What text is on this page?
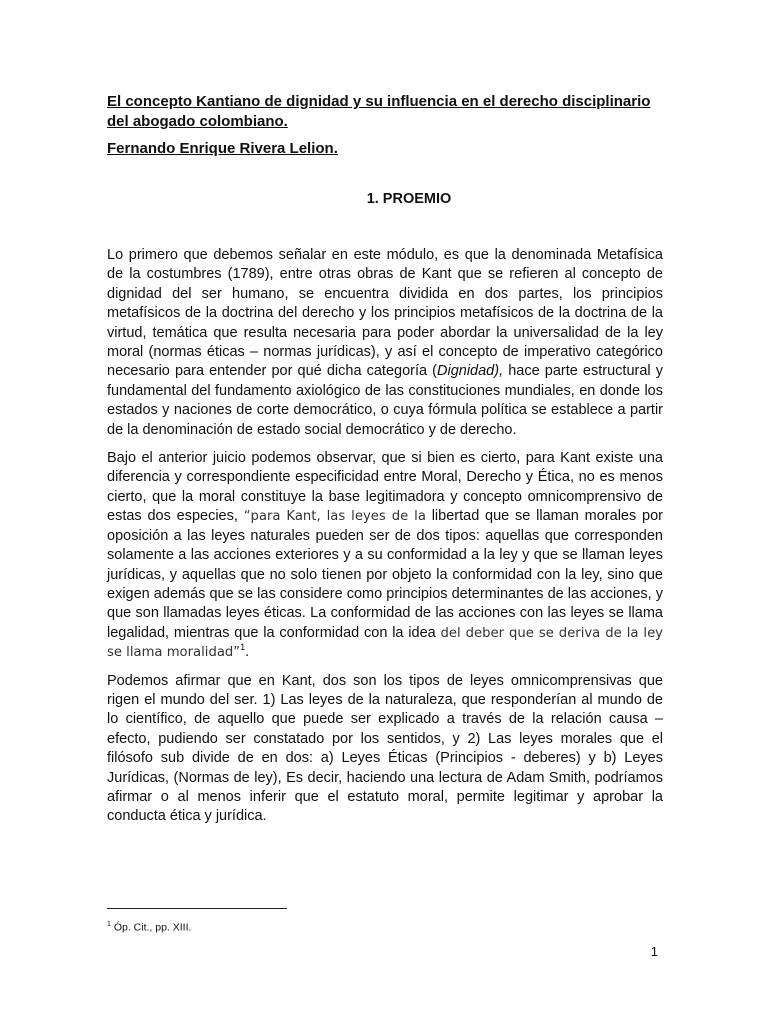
El concepto Kantiano de dignidad y su influencia en el derecho disciplinario del abogado colombiano.

Fernando Enrique Rivera Lelion.

1. PROEMIO

Lo primero que debemos señalar en este módulo, es que la denominada Metafísica de la costumbres (1789), entre otras obras de Kant que se refieren al concepto de dignidad del ser humano, se encuentra dividida en dos partes, los principios metafísicos de la doctrina del derecho y los principios metafísicos de la doctrina de la virtud, temática que resulta necesaria para poder abordar la universalidad de la ley moral (normas éticas – normas jurídicas), y así el concepto de imperativo categórico necesario para entender por qué dicha categoría (Dignidad), hace parte estructural y fundamental del fundamento axiológico de las constituciones mundiales, en donde los estados y naciones de corte democrático, o cuya fórmula política se establece a partir de la denominación de estado social democrático y de derecho.

Bajo el anterior juicio podemos observar, que si bien es cierto, para Kant existe una diferencia y correspondiente especificidad entre Moral, Derecho y Ética, no es menos cierto, que la moral constituye la base legitimadora y concepto omnicomprensivo de estas dos especies, “para Kant, las leyes de la libertad que se llaman morales por oposición a las leyes naturales pueden ser de dos tipos: aquellas que corresponden solamente a las acciones exteriores y a su conformidad a la ley y que se llaman leyes jurídicas, y aquellas que no solo tienen por objeto la conformidad con la ley, sino que exigen además que se las considere como principios determinantes de las acciones, y que son llamadas leyes éticas. La conformidad de las acciones con las leyes se llama legalidad, mientras que la conformidad con la idea del deber que se deriva de la ley se llama moralidad”$^1$.

Podemos afirmar que en Kant, dos son los tipos de leyes omnicomprensivas que rigen el mundo del ser. 1) Las leyes de la naturaleza, que responderían al mundo de lo científico, de aquello que puede ser explicado a través de la relación causa – efecto, pudiendo ser constatado por los sentidos, y 2) Las leyes morales que el filósofo sub divide de en dos: a) Leyes Éticas (Principios - deberes) y b) Leyes Jurídicas, (Normas de ley), Es decir, haciendo una lectura de Adam Smith, podríamos afirmar o al menos inferir que el estatuto moral, permite legitimar y aprobar la conducta ética y jurídica.

$^1$ Óp. Cit., pp. XIII.

1
